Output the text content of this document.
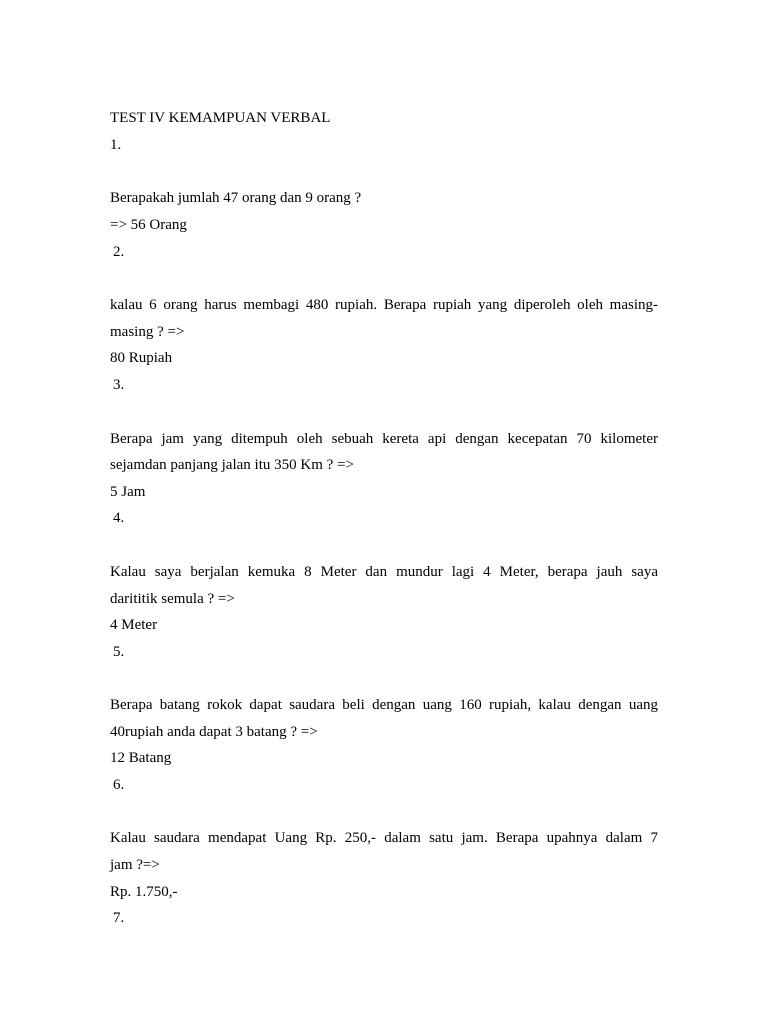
TEST IV KEMAMPUAN VERBAL
1.
Berapakah jumlah 47 orang dan 9 orang ?
=> 56 Orang
2.
kalau 6 orang harus membagi 480 rupiah. Berapa rupiah yang diperoleh oleh masing-
masing ? =>
80 Rupiah
3.
Berapa jam yang ditempuh oleh sebuah kereta api dengan kecepatan 70 kilometer
sejamdan panjang jalan itu 350 Km ? =>
5 Jam
4.
Kalau saya berjalan kemuka 8 Meter dan mundur lagi 4 Meter, berapa jauh saya
darititik semula ? =>
4 Meter
5.
Berapa batang rokok dapat saudara beli dengan uang 160 rupiah, kalau dengan uang
40rupiah anda dapat 3 batang ? =>
12 Batang
6.
Kalau saudara mendapat Uang Rp. 250,- dalam satu jam. Berapa upahnya dalam 7
jam ?=>
Rp. 1.750,-
7.
